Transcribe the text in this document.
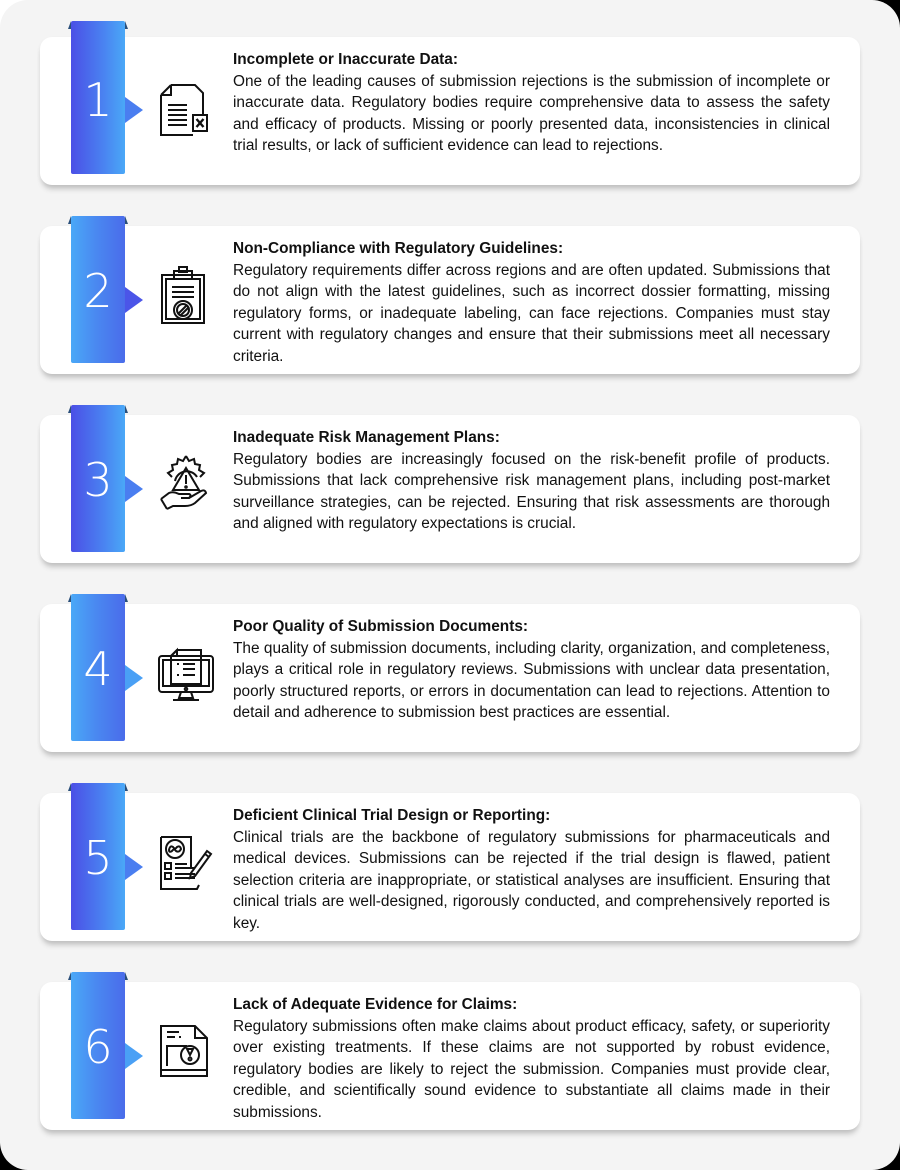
1
Incomplete or Inaccurate Data:
One of the leading causes of submission rejections is the submission of incomplete or inaccurate data. Regulatory bodies require comprehensive data to assess the safety and efficacy of products. Missing or poorly presented data, inconsistencies in clinical trial results, or lack of sufficient evidence can lead to rejections.
2
Non-Compliance with Regulatory Guidelines:
Regulatory requirements differ across regions and are often updated. Submissions that do not align with the latest guidelines, such as incorrect dossier formatting, missing regulatory forms, or inadequate labeling, can face rejections. Companies must stay current with regulatory changes and ensure that their submissions meet all necessary criteria.
3
Inadequate Risk Management Plans:
Regulatory bodies are increasingly focused on the risk-benefit profile of products. Submissions that lack comprehensive risk management plans, including post-market surveillance strategies, can be rejected. Ensuring that risk assessments are thorough and aligned with regulatory expectations is crucial.
4
Poor Quality of Submission Documents:
The quality of submission documents, including clarity, organization, and completeness, plays a critical role in regulatory reviews. Submissions with unclear data presentation, poorly structured reports, or errors in documentation can lead to rejections. Attention to detail and adherence to submission best practices are essential.
5
Deficient Clinical Trial Design or Reporting:
Clinical trials are the backbone of regulatory submissions for pharmaceuticals and medical devices. Submissions can be rejected if the trial design is flawed, patient selection criteria are inappropriate, or statistical analyses are insufficient. Ensuring that clinical trials are well-designed, rigorously conducted, and comprehensively reported is key.
6
Lack of Adequate Evidence for Claims:
Regulatory submissions often make claims about product efficacy, safety, or superiority over existing treatments. If these claims are not supported by robust evidence, regulatory bodies are likely to reject the submission. Companies must provide clear, credible, and scientifically sound evidence to substantiate all claims made in their submissions.
